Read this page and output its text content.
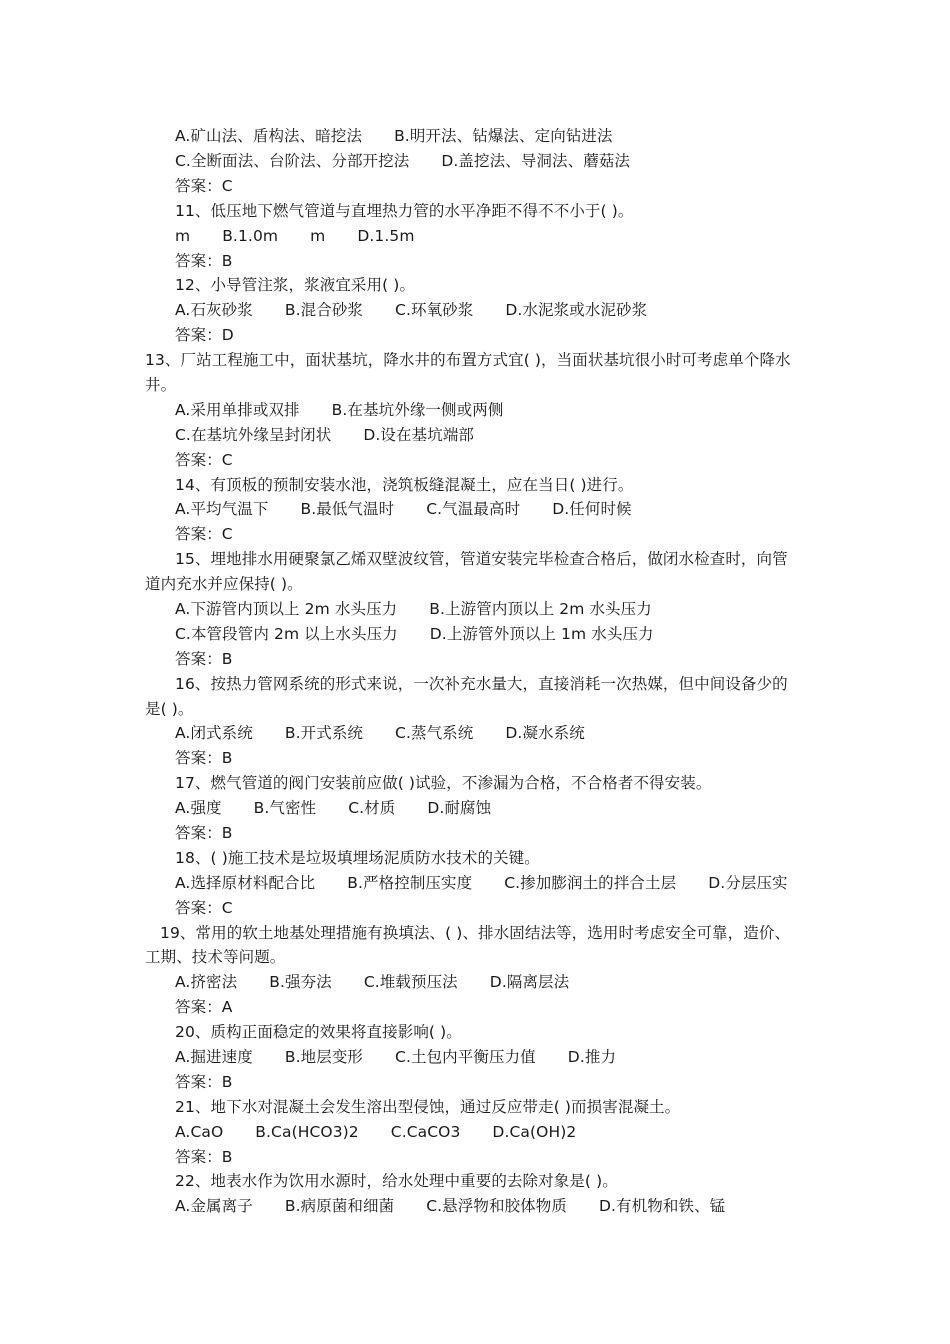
A.矿山法、盾构法、暗挖法 B.明开法、钻爆法、定向钻进法
C.全断面法、台阶法、分部开挖法 D.盖挖法、导洞法、蘑菇法
答案：C
11、低压地下燃气管道与直埋热力管的水平净距不得不不小于( )。
m B.1.0m m D.1.5m
答案：B
12、小导管注浆，浆液宜采用( )。
A.石灰砂浆 B.混合砂浆 C.环氧砂浆 D.水泥浆或水泥砂浆
答案：D
13、厂站工程施工中，面状基坑，降水井的布置方式宜( )，当面状基坑很小时可考虑单个降水
井。
A.采用单排或双排 B.在基坑外缘一侧或两侧
C.在基坑外缘呈封闭状 D.设在基坑端部
答案：C
14、有顶板的预制安装水池，浇筑板缝混凝土，应在当日( )进行。
A.平均气温下 B.最低气温时 C.气温最高时 D.任何时候
答案：C
15、埋地排水用硬聚氯乙烯双壁波纹管，管道安装完毕检查合格后，做闭水检查时，向管
道内充水并应保持( )。
A.下游管内顶以上 2m 水头压力 B.上游管内顶以上 2m 水头压力
C.本管段管内 2m 以上水头压力 D.上游管外顶以上 1m 水头压力
答案：B
16、按热力管网系统的形式来说，一次补充水量大，直接消耗一次热媒，但中间设备少的
是( )。
A.闭式系统 B.开式系统 C.蒸气系统 D.凝水系统
答案：B
17、燃气管道的阀门安装前应做( )试验，不渗漏为合格，不合格者不得安装。
A.强度 B.气密性 C.材质 D.耐腐蚀
答案：B
18、( )施工技术是垃圾填埋场泥质防水技术的关键。
A.选择原材料配合比 B.严格控制压实度 C.掺加膨润土的拌合土层 D.分层压实
答案：C
19、常用的软土地基处理措施有换填法、( )、排水固结法等，选用时考虑安全可靠，造价、
工期、技术等问题。
A.挤密法 B.强夯法 C.堆载预压法 D.隔离层法
答案：A
20、质构正面稳定的效果将直接影响( )。
A.掘进速度 B.地层变形 C.土包内平衡压力值 D.推力
答案：B
21、地下水对混凝土会发生溶出型侵蚀，通过反应带走( )而损害混凝土。
A.CaO B.Ca(HCO3)2 C.CaCO3 D.Ca(OH)2
答案：B
22、地表水作为饮用水源时，给水处理中重要的去除对象是( )。
A.金属离子 B.病原菌和细菌 C.悬浮物和胶体物质 D.有机物和铁、锰
